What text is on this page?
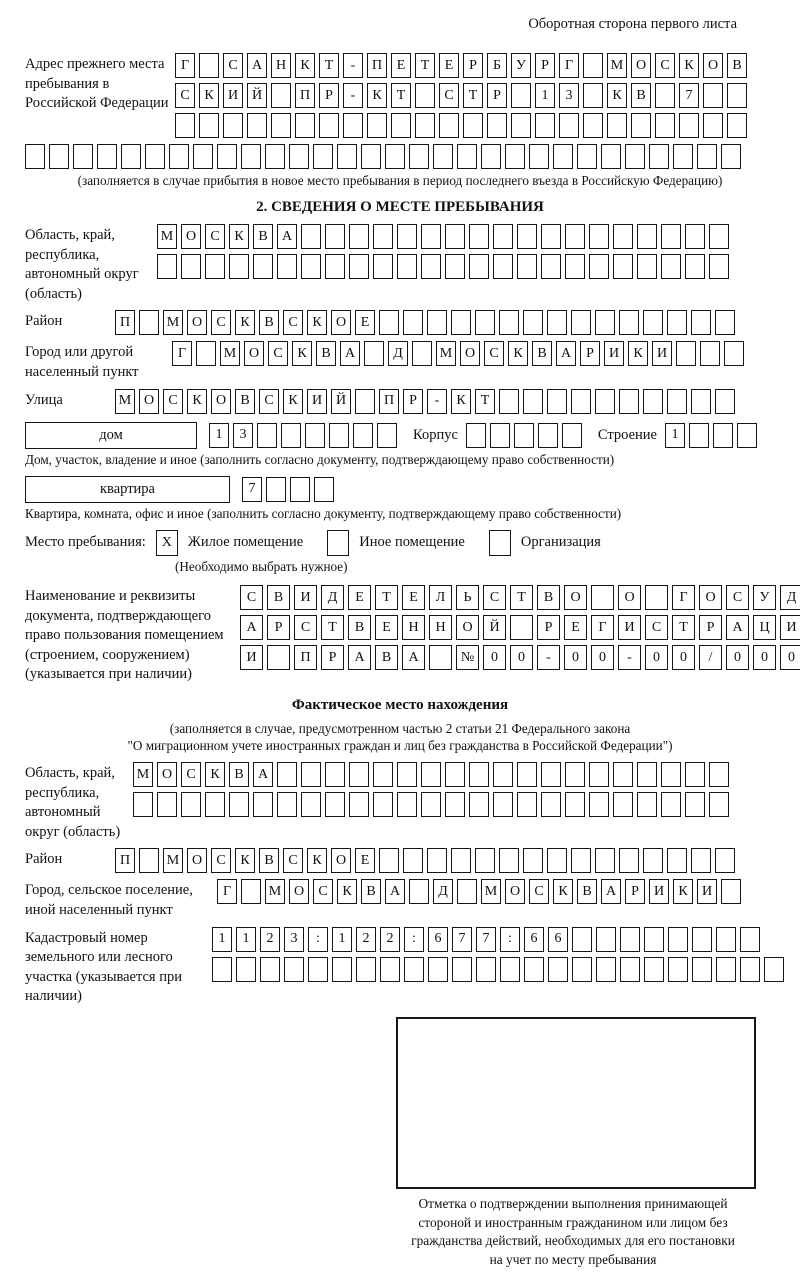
Оборотная сторона первого листа
Адрес прежнего места пребывания в Российской Федерации
Г	С	А Н	К	Т	-	П	Е	Т	Е	Р	Б	У	Р	Г	М О	С	К	О	В
С	К	И Й	П	Р	-	К	Т	С	Т	Р	1	3	К	В	7
(заполняется в случае прибытия в новое место пребывания в период последнего въезда в Российскую Федерацию)
2. СВЕДЕНИЯ О МЕСТЕ ПРЕБЫВАНИЯ
Область, край, республика, автономный округ (область)
М О	С	К	В	А
Район	П	М О	С	К	В	С	К	О	Е
Город или другой населенный пункт
Г	М О	С	К	В	А	Д	М О	С	К	В	А	Р	И	К	И
Улица	М О	С	К	О	В	С	К	И Й	П	Р	-	К	Т
дом	1	3	Корпус	Строение	1
Дом, участок, владение и иное (заполнить согласно документу, подтверждающему право собственности)
квартира	7
Квартира, комната, офис и иное (заполнить согласно документу, подтверждающему право собственности)
Место пребывания:	X	Жилое помещение	Иное помещение	Организация
(Необходимо выбрать нужное)
Наименование и реквизиты документа, подтверждающего право пользования помещением (строением, сооружением) (указывается при наличии)
С	В	И	Д	Е	Т	Е	Л	Ь	С	Т	В	О	О	Г	О	С	У	Д
А	Р	С	Т	В	Е	Н	Н	О	Й	Р	Е	Г	И	С	Т	Р	А	Ц	И
И	П	Р	А	В	А	№	0	0	-	0	0	-	0	0	/	0	0	0
Фактическое место нахождения
(заполняется в случае, предусмотренном частью 2 статьи 21 Федерального закона
"О миграционном учете иностранных граждан и лиц без гражданства в Российской Федерации")
Область, край, республика, автономный округ (область)
М О	С	К	В	А
Район	П	М О	С	К	В	С	К	О	Е
Город, сельское поселение, иной населенный пункт
Г	М О	С	К	В	А	Д	М О	С	К	В	А	Р	И	К	И
Кадастровый номер земельного или лесного участка (указывается при наличии)
1	1	2	3	:	1	2	2	:	6	7	7	:	6	6
Отметка о подтверждении выполнения принимающей
стороной и иностранным гражданином или лицом без
гражданства действий, необходимых для его постановки
на учет по месту пребывания
